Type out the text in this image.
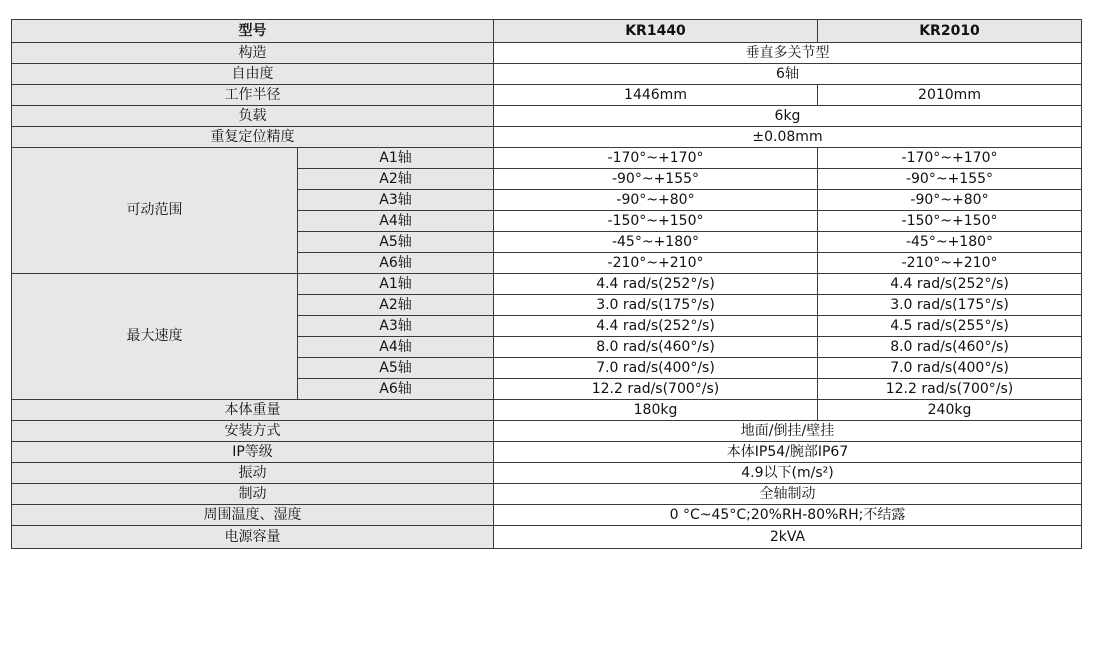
型号		KR1440	KR2010
构造		垂直多关节型	
自由度		6轴	
工作半径		1446mm	2010mm
负载		6kg	
重复定位精度		±0.08mm	
可动范围	A1轴	-170°~+170°	-170°~+170°
	A2轴	-90°~+155°	-90°~+155°
	A3轴	-90°~+80°	-90°~+80°
	A4轴	-150°~+150°	-150°~+150°
	A5轴	-45°~+180°	-45°~+180°
	A6轴	-210°~+210°	-210°~+210°
最大速度	A1轴	4.4 rad/s(252°/s)	4.4 rad/s(252°/s)
	A2轴	3.0 rad/s(175°/s)	3.0 rad/s(175°/s)
	A3轴	4.4 rad/s(252°/s)	4.5 rad/s(255°/s)
	A4轴	8.0 rad/s(460°/s)	8.0 rad/s(460°/s)
	A5轴	7.0 rad/s(400°/s)	7.0 rad/s(400°/s)
	A6轴	12.2 rad/s(700°/s)	12.2 rad/s(700°/s)
本体重量		180kg	240kg
安装方式		地面/倒挂/壁挂	
IP等级		本体IP54/腕部IP67	
振动		4.9以下(m/s²)	
制动		全轴制动	
周围温度、湿度		0 °C~45°C;20%RH-80%RH;不结露	
电源容量		2kVA	
